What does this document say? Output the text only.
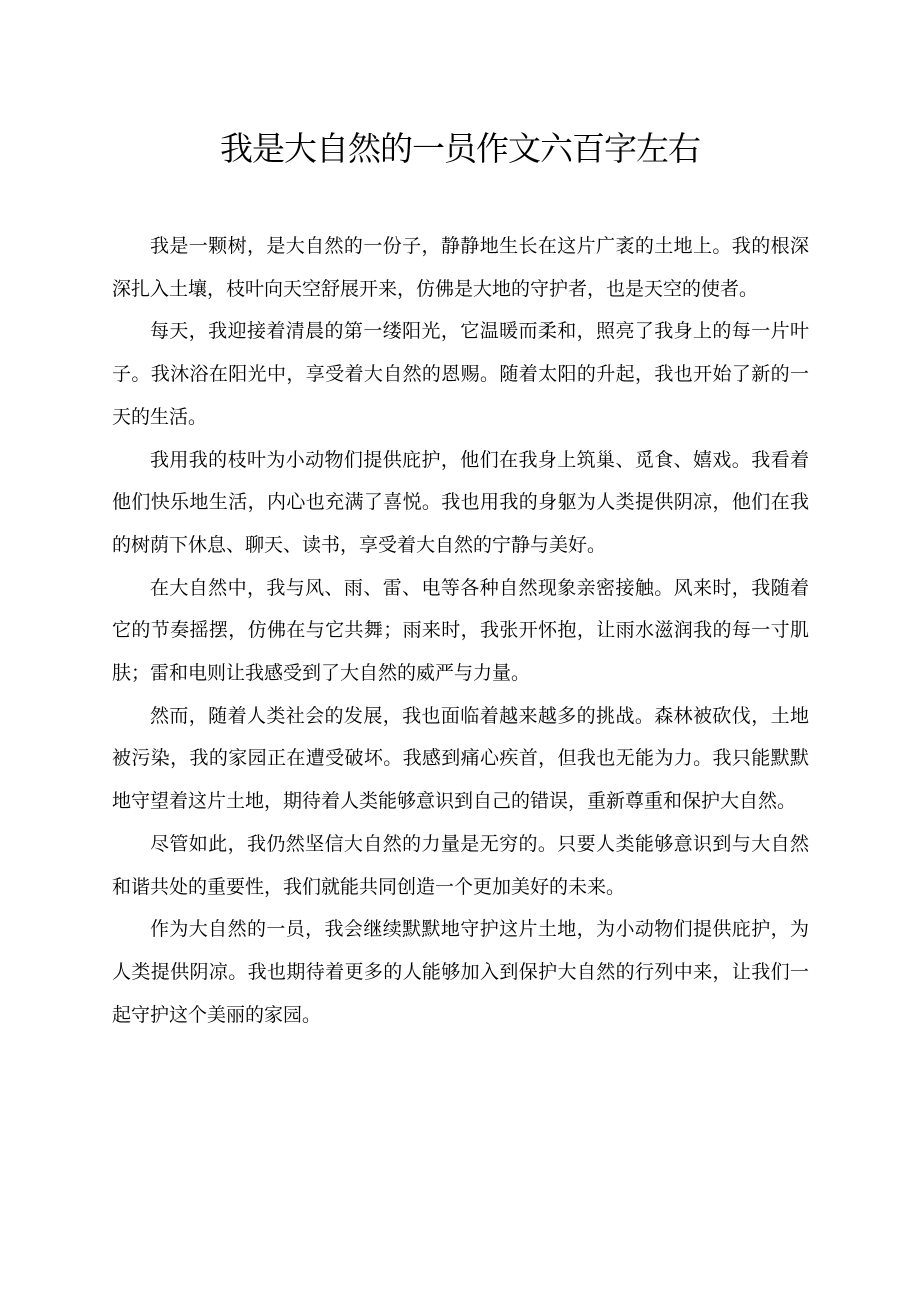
我是大自然的一员作文六百字左右

我是一颗树，是大自然的一份子，静静地生长在这片广袤的土地上。我的根深深扎入土壤，枝叶向天空舒展开来，仿佛是大地的守护者，也是天空的使者。

每天，我迎接着清晨的第一缕阳光，它温暖而柔和，照亮了我身上的每一片叶子。我沐浴在阳光中，享受着大自然的恩赐。随着太阳的升起，我也开始了新的一天的生活。

我用我的枝叶为小动物们提供庇护，他们在我身上筑巢、觅食、嬉戏。我看着他们快乐地生活，内心也充满了喜悦。我也用我的身躯为人类提供阴凉，他们在我的树荫下休息、聊天、读书，享受着大自然的宁静与美好。

在大自然中，我与风、雨、雷、电等各种自然现象亲密接触。风来时，我随着它的节奏摇摆，仿佛在与它共舞；雨来时，我张开怀抱，让雨水滋润我的每一寸肌肤；雷和电则让我感受到了大自然的威严与力量。

然而，随着人类社会的发展，我也面临着越来越多的挑战。森林被砍伐，土地被污染，我的家园正在遭受破坏。我感到痛心疾首，但我也无能为力。我只能默默地守望着这片土地，期待着人类能够意识到自己的错误，重新尊重和保护大自然。

尽管如此，我仍然坚信大自然的力量是无穷的。只要人类能够意识到与大自然和谐共处的重要性，我们就能共同创造一个更加美好的未来。

作为大自然的一员，我会继续默默地守护这片土地，为小动物们提供庇护，为人类提供阴凉。我也期待着更多的人能够加入到保护大自然的行列中来，让我们一起守护这个美丽的家园。
